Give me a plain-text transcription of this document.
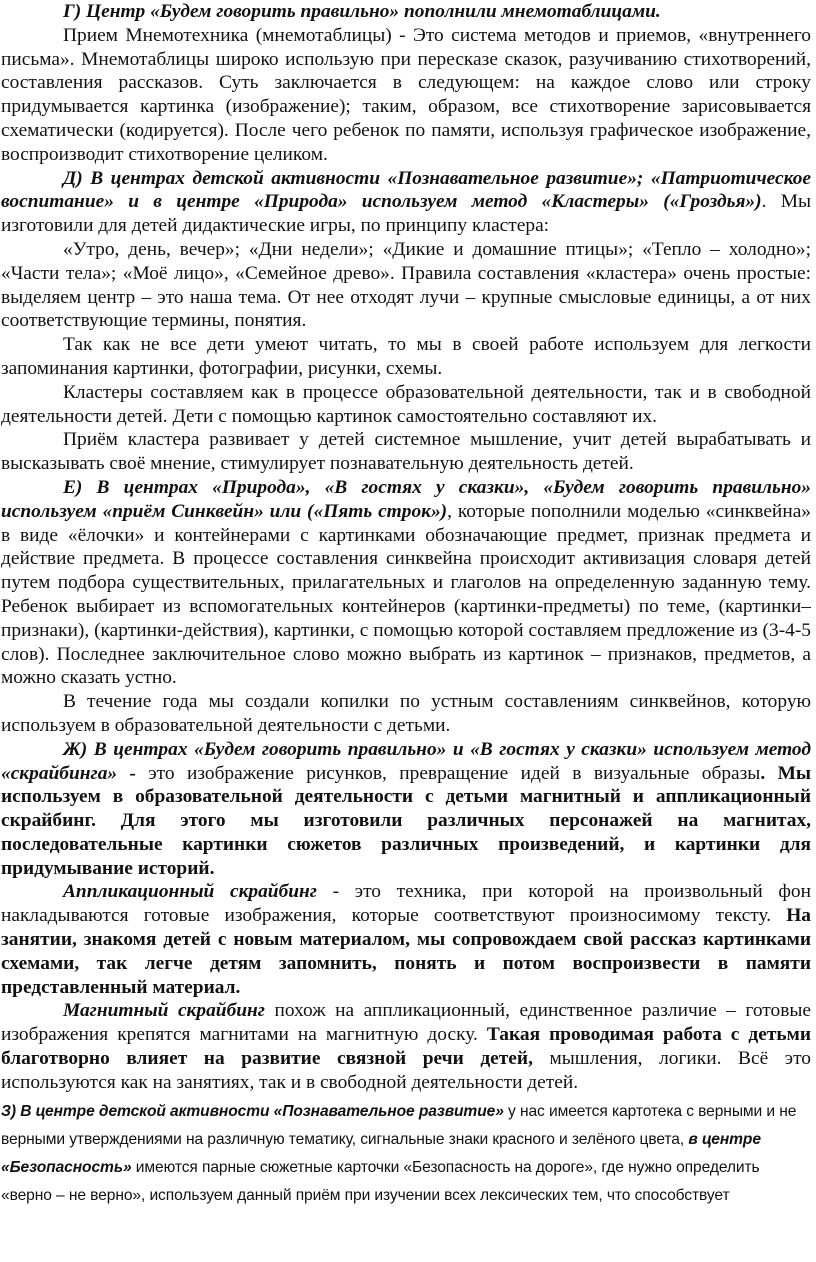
Г) Центр «Будем говорить правильно» пополнили мнемотаблицами.

Прием Мнемотехника (мнемотаблицы) - Это система методов и приемов, «внутреннего письма». Мнемотаблицы широко использую при пересказе сказок, разучиванию стихотворений, составления рассказов. Суть заключается в следующем: на каждое слово или строку придумывается картинка (изображение); таким, образом, все стихотворение зарисовывается схематически (кодируется). После чего ребенок по памяти, используя графическое изображение, воспроизводит стихотворение целиком.

Д) В центрах детской активности «Познавательное развитие»; «Патриотическое воспитание» и в центре «Природа» используем метод «Кластеры» («Гроздья»). Мы изготовили для детей дидактические игры, по принципу кластера:

«Утро, день, вечер»; «Дни недели»; «Дикие и домашние птицы»; «Тепло – холодно»; «Части тела»; «Моё лицо», «Семейное древо». Правила составления «кластера» очень простые: выделяем центр – это наша тема. От нее отходят лучи – крупные смысловые единицы, а от них соответствующие термины, понятия.

Так как не все дети умеют читать, то мы в своей работе используем для легкости запоминания картинки, фотографии, рисунки, схемы.

Кластеры составляем как в процессе образовательной деятельности, так и в свободной деятельности детей. Дети с помощью картинок самостоятельно составляют их.

Приём кластера развивает у детей системное мышление, учит детей вырабатывать и высказывать своё мнение, стимулирует познавательную деятельность детей.

Е) В центрах «Природа», «В гостях у сказки», «Будем говорить правильно» используем «приём Синквейн» или («Пять строк»), которые пополнили моделью «синквейна» в виде «ёлочки» и контейнерами с картинками обозначающие предмет, признак предмета и действие предмета. В процессе составления синквейна происходит активизация словаря детей путем подбора существительных, прилагательных и глаголов на определенную заданную тему. Ребенок выбирает из вспомогательных контейнеров (картинки-предметы) по теме, (картинки–признаки), (картинки-действия), картинки, с помощью которой составляем предложение из (3-4-5 слов). Последнее заключительное слово можно выбрать из картинок – признаков, предметов, а можно сказать устно.

В течение года мы создали копилки по устным составлениям синквейнов, которую используем в образовательной деятельности с детьми.

Ж) В центрах «Будем говорить правильно» и «В гостях у сказки» используем метод «скрайбинга» - это изображение рисунков, превращение идей в визуальные образы. Мы используем в образовательной деятельности с детьми магнитный и аппликационный скрайбинг. Для этого мы изготовили различных персонажей на магнитах, последовательные картинки сюжетов различных произведений, и картинки для придумывание историй.

Аппликационный скрайбинг - это техника, при которой на произвольный фон накладываются готовые изображения, которые соответствуют произносимому тексту. На занятии, знакомя детей с новым материалом, мы сопровождаем свой рассказ картинками схемами, так легче детям запомнить, понять и потом воспроизвести в памяти представленный материал.

Магнитный скрайбинг похож на аппликационный, единственное различие – готовые изображения крепятся магнитами на магнитную доску. Такая проводимая работа с детьми благотворно влияет на развитие связной речи детей, мышления, логики. Всё это используются как на занятиях, так и в свободной деятельности детей.

З) В центре детской активности «Познавательное развитие» у нас имеется картотека с верными и не верными утверждениями на различную тематику, сигнальные знаки красного и зелёного цвета, в центре «Безопасность» имеются парные сюжетные карточки «Безопасность на дороге», где нужно определить «верно – не верно», используем данный приём при изучении всех лексических тем, что способствует
